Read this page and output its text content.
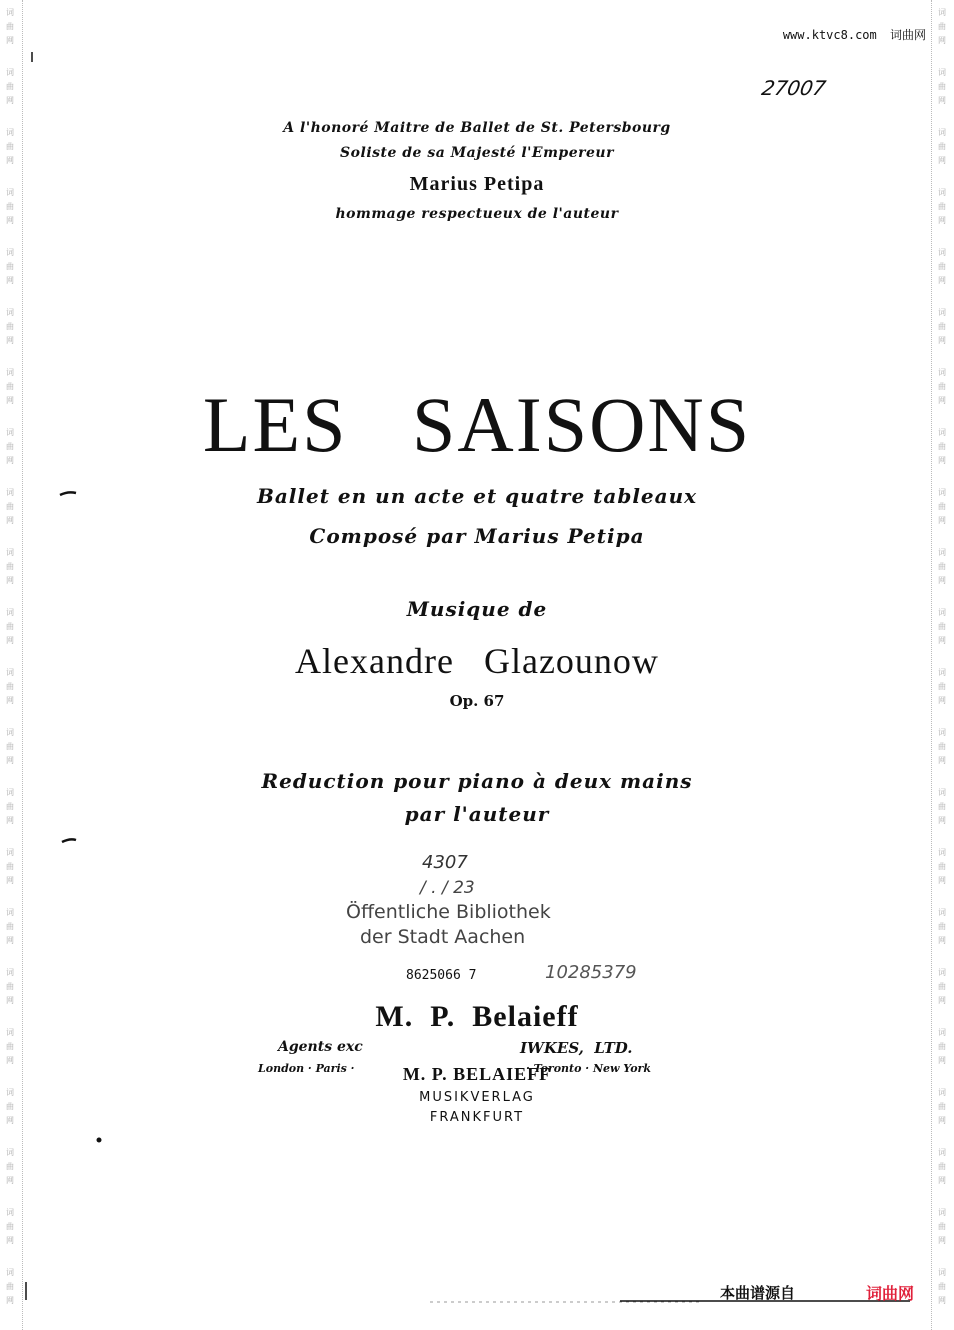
词
曲
网
词
曲
网
词
曲
网
词
曲
网
词
曲
网
词
曲
网
词
曲
网
词
曲
网
词
曲
网
词
曲
网
词
曲
网
词
曲
网
词
曲
网
词
曲
网
词
曲
网
词
曲
网
词
曲
网
词
曲
网
词
曲
网
词
曲
网
词
曲
网
词
曲
网
词
曲
网
词
曲
网
词
曲
网
词
曲
网
词
曲
网
词
曲
网
词
曲
网
词
曲
网
词
曲
网
词
曲
网
词
曲
网
词
曲
网
词
曲
网
词
曲
网
词
曲
网
词
曲
网
词
曲
网
词
曲
网
词
曲
网
词
曲
网
词
曲
网
词
曲
网
www.ktvc8.com 词曲网
27007
A l'honoré Maitre de Ballet de St. Petersbourg
Soliste de sa Majesté l'Empereur
Marius Petipa
hommage respectueux de l'auteur
LES   SAISONS
Ballet en un acte et quatre tableaux
Composé par Marius Petipa
Musique de
Alexandre   Glazounow
Op. 67
Reduction pour piano à deux mains
par l'auteur
4307
/ . / 23
Öffentliche Bibliothek
der Stadt Aachen
8625066 7	10285379
M.  P.  Belaieff
Agents exc	IWKES,  LTD.
London · Paris ·	· Toronto · New York
M. P. BELAIEFF
MUSIKVERLAG
FRANKFURT
本曲谱源自	词曲网
